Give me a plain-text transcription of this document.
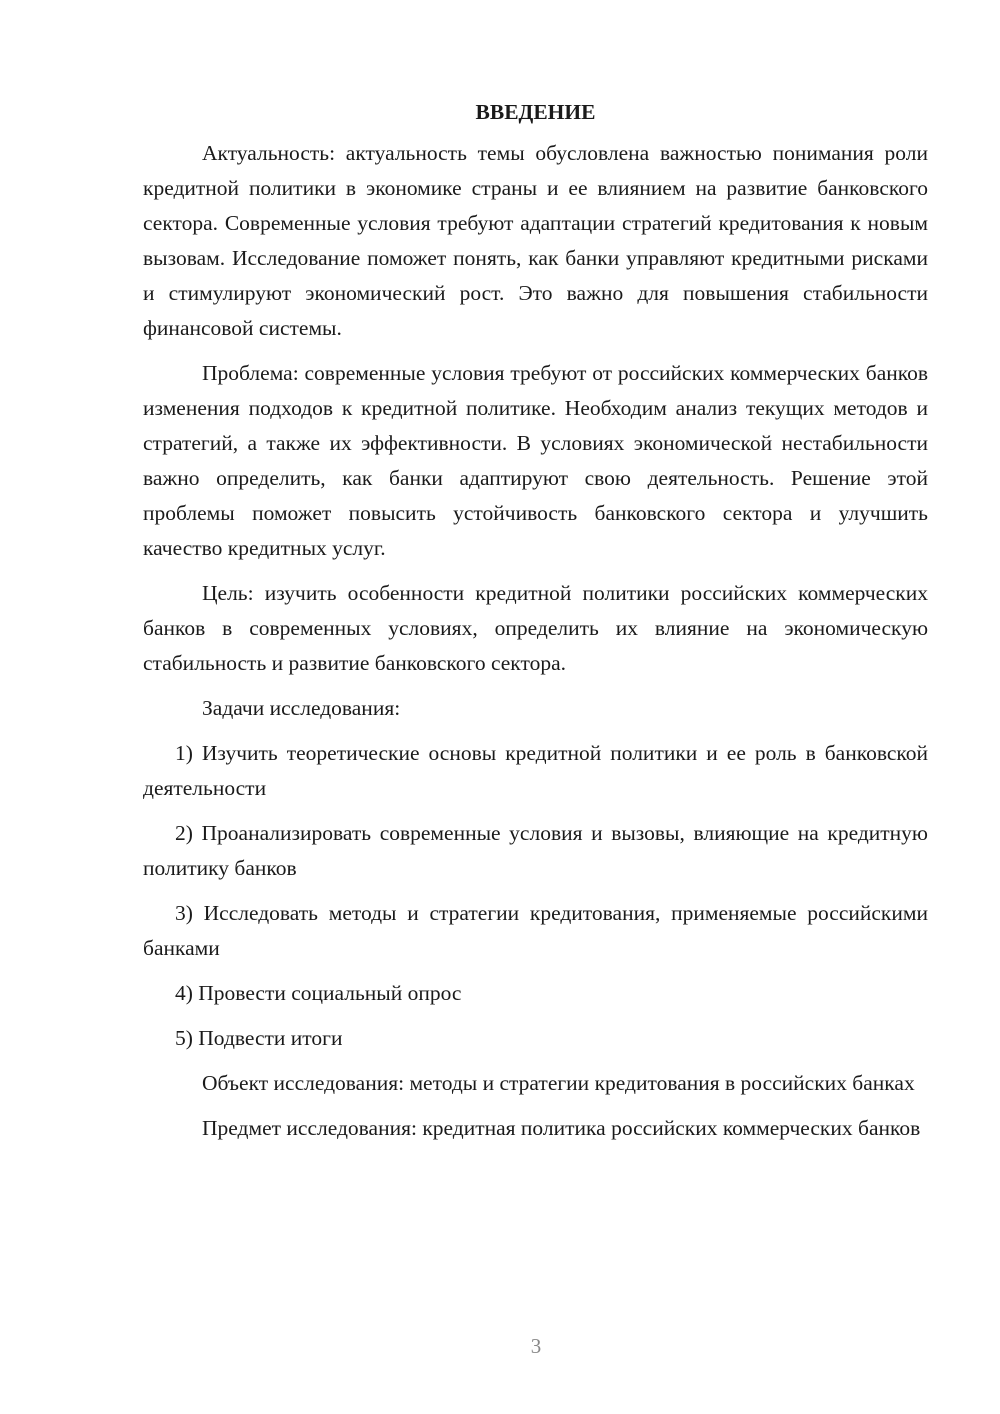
ВВЕДЕНИЕ

Актуальность: актуальность темы обусловлена важностью понимания роли кредитной политики в экономике страны и ее влиянием на развитие банковского сектора. Современные условия требуют адаптации стратегий кредитования к новым вызовам. Исследование поможет понять, как банки управляют кредитными рисками и стимулируют экономический рост. Это важно для повышения стабильности финансовой системы.

Проблема: современные условия требуют от российских коммерческих банков изменения подходов к кредитной политике. Необходим анализ текущих методов и стратегий, а также их эффективности. В условиях экономической нестабильности важно определить, как банки адаптируют свою деятельность. Решение этой проблемы поможет повысить устойчивость банковского сектора и улучшить качество кредитных услуг.

Цель: изучить особенности кредитной политики российских коммерческих банков в современных условиях, определить их влияние на экономическую стабильность и развитие банковского сектора.

Задачи исследования:

1) Изучить теоретические основы кредитной политики и ее роль в банковской деятельности

2) Проанализировать современные условия и вызовы, влияющие на кредитную политику банков

3) Исследовать методы и стратегии кредитования, применяемые российскими банками

4) Провести социальный опрос

5) Подвести итоги

Объект исследования: методы и стратегии кредитования в российских банках

Предмет исследования: кредитная политика российских коммерческих банков

3
